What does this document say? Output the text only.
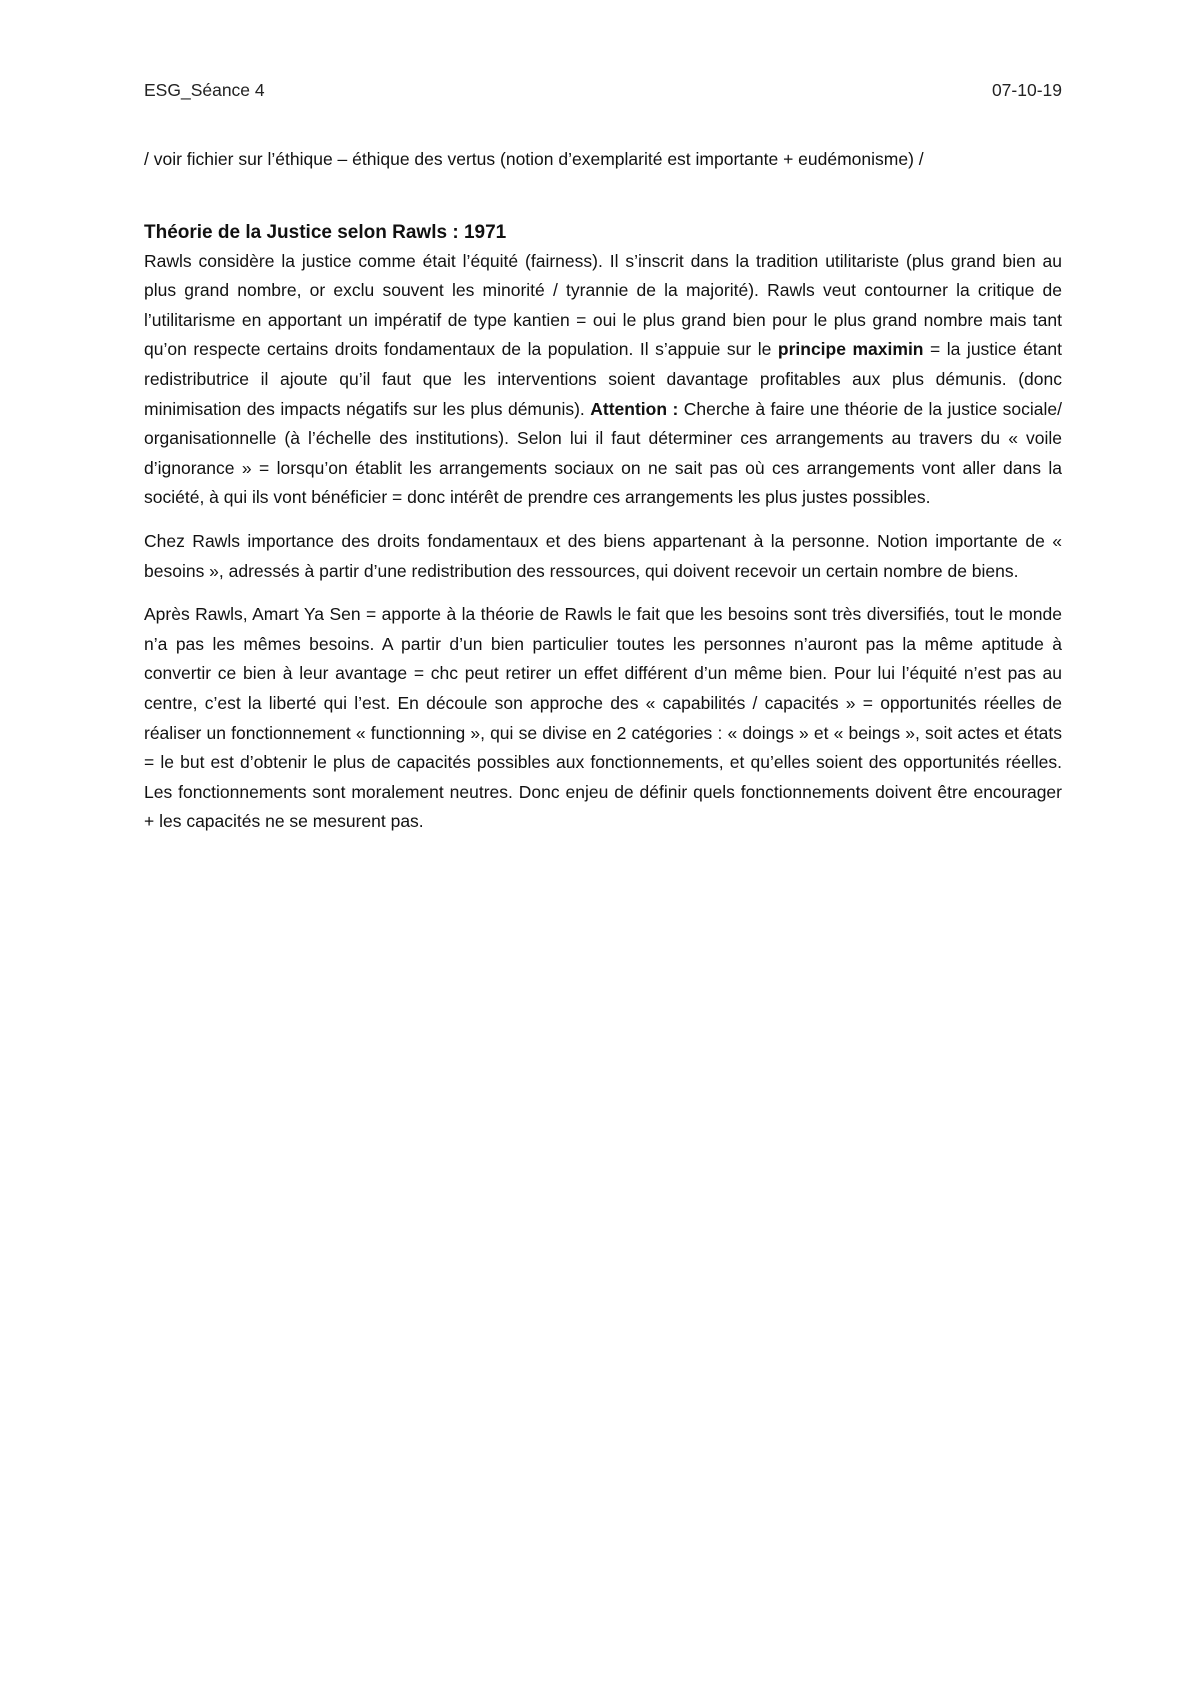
ESG_Séance 4	07-10-19

/ voir fichier sur l’éthique – éthique des vertus (notion d’exemplarité est importante + eudémonisme) /

Théorie de la Justice selon Rawls : 1971

Rawls considère la justice comme était l’équité (fairness). Il s’inscrit dans la tradition utilitariste (plus grand bien au plus grand nombre, or exclu souvent les minorité / tyrannie de la majorité). Rawls veut contourner la critique de l’utilitarisme en apportant un impératif de type kantien = oui le plus grand bien pour le plus grand nombre mais tant qu’on respecte certains droits fondamentaux de la population. Il s’appuie sur le principe maximin = la justice étant redistributrice il ajoute qu’il faut que les interventions soient davantage profitables aux plus démunis. (donc minimisation des impacts négatifs sur les plus démunis). Attention : Cherche à faire une théorie de la justice sociale/ organisationnelle (à l’échelle des institutions). Selon lui il faut déterminer ces arrangements au travers du « voile d’ignorance » = lorsqu’on établit les arrangements sociaux on ne sait pas où ces arrangements vont aller dans la société, à qui ils vont bénéficier = donc intérêt de prendre ces arrangements les plus justes possibles.

Chez Rawls importance des droits fondamentaux et des biens appartenant à la personne. Notion importante de « besoins », adressés à partir d’une redistribution des ressources, qui doivent recevoir un certain nombre de biens.

Après Rawls, Amart Ya Sen = apporte à la théorie de Rawls le fait que les besoins sont très diversifiés, tout le monde n’a pas les mêmes besoins. A partir d’un bien particulier toutes les personnes n’auront pas la même aptitude à convertir ce bien à leur avantage = chc peut retirer un effet différent d’un même bien. Pour lui l’équité n’est pas au centre, c’est la liberté qui l’est. En découle son approche des « capabilités / capacités » = opportunités réelles de réaliser un fonctionnement « functionning », qui se divise en 2 catégories : « doings » et « beings », soit actes et états = le but est d’obtenir le plus de capacités possibles aux fonctionnements, et qu’elles soient des opportunités réelles. Les fonctionnements sont moralement neutres. Donc enjeu de définir quels fonctionnements doivent être encourager + les capacités ne se mesurent pas.
